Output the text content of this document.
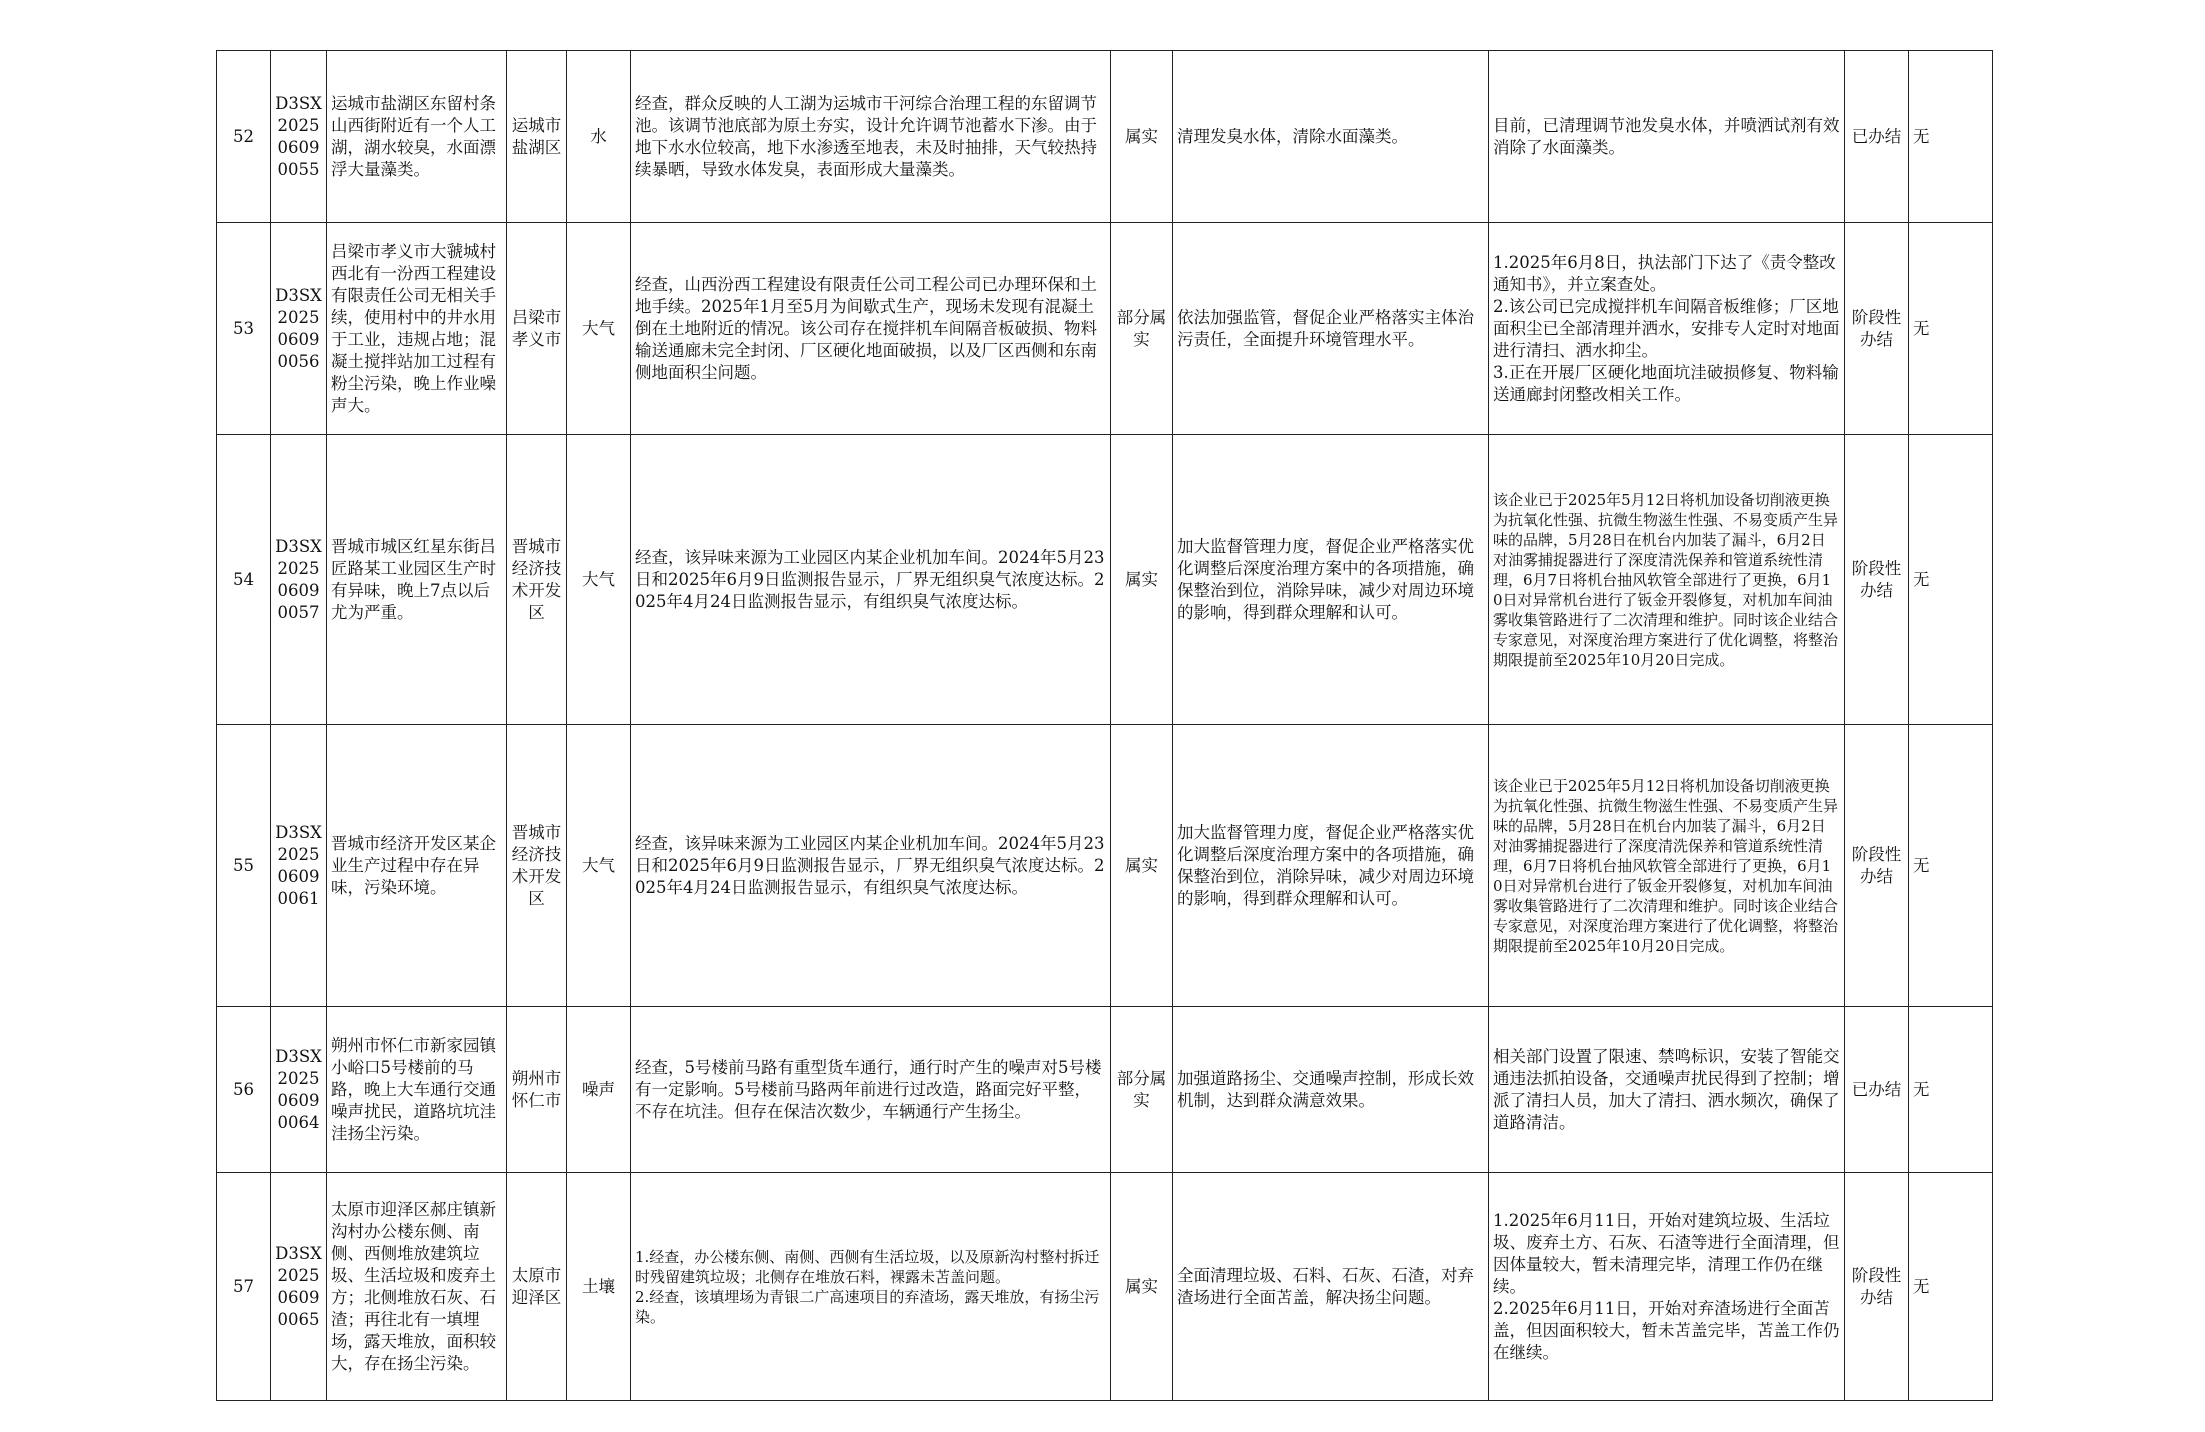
52	D3SX202506090055	运城市盐湖区东留村条山西街附近有一个人工湖，湖水较臭，水面漂浮大量藻类。	运城市盐湖区	水	经查，群众反映的人工湖为运城市干河综合治理工程的东留调节池。该调节池底部为原土夯实，设计允许调节池蓄水下渗。由于地下水水位较高，地下水渗透至地表，未及时抽排，天气较热持续暴晒，导致水体发臭，表面形成大量藻类。	属实	清理发臭水体，清除水面藻类。	目前，已清理调节池发臭水体，并喷洒试剂有效消除了水面藻类。	已办结	无
53	D3SX202506090056	吕梁市孝义市大虢城村西北有一汾西工程建设有限责任公司无相关手续，使用村中的井水用于工业，违规占地；混凝土搅拌站加工过程有粉尘污染，晚上作业噪声大。	吕梁市孝义市	大气	经查，山西汾西工程建设有限责任公司工程公司已办理环保和土地手续。2025年1月至5月为间歇式生产，现场未发现有混凝土倒在土地附近的情况。该公司存在搅拌机车间隔音板破损、物料输送通廊未完全封闭、厂区硬化地面破损，以及厂区西侧和东南侧地面积尘问题。	部分属实	依法加强监管，督促企业严格落实主体治污责任，全面提升环境管理水平。	1.2025年6月8日，执法部门下达了《责令整改通知书》，并立案查处。
2.该公司已完成搅拌机车间隔音板维修；厂区地面积尘已全部清理并洒水，安排专人定时对地面进行清扫、洒水抑尘。
3.正在开展厂区硬化地面坑洼破损修复、物料输送通廊封闭整改相关工作。	阶段性办结	无
54	D3SX202506090057	晋城市城区红星东街吕匠路某工业园区生产时有异味，晚上7点以后尤为严重。	晋城市经济技术开发区	大气	经查，该异味来源为工业园区内某企业机加车间。2024年5月23日和2025年6月9日监测报告显示，厂界无组织臭气浓度达标。2025年4月24日监测报告显示，有组织臭气浓度达标。	属实	加大监督管理力度，督促企业严格落实优化调整后深度治理方案中的各项措施，确保整治到位，消除异味，减少对周边环境的影响，得到群众理解和认可。	该企业已于2025年5月12日将机加设备切削液更换为抗氧化性强、抗微生物滋生性强、不易变质产生异味的品牌，5月28日在机台内加装了漏斗，6月2日对油雾捕捉器进行了深度清洗保养和管道系统性清理，6月7日将机台抽风软管全部进行了更换，6月10日对异常机台进行了钣金开裂修复，对机加车间油雾收集管路进行了二次清理和维护。同时该企业结合专家意见，对深度治理方案进行了优化调整，将整治期限提前至2025年10月20日完成。	阶段性办结	无
55	D3SX202506090061	晋城市经济开发区某企业生产过程中存在异味，污染环境。	晋城市经济技术开发区	大气	经查，该异味来源为工业园区内某企业机加车间。2024年5月23日和2025年6月9日监测报告显示，厂界无组织臭气浓度达标。2025年4月24日监测报告显示，有组织臭气浓度达标。	属实	加大监督管理力度，督促企业严格落实优化调整后深度治理方案中的各项措施，确保整治到位，消除异味，减少对周边环境的影响，得到群众理解和认可。	该企业已于2025年5月12日将机加设备切削液更换为抗氧化性强、抗微生物滋生性强、不易变质产生异味的品牌，5月28日在机台内加装了漏斗，6月2日对油雾捕捉器进行了深度清洗保养和管道系统性清理，6月7日将机台抽风软管全部进行了更换，6月10日对异常机台进行了钣金开裂修复，对机加车间油雾收集管路进行了二次清理和维护。同时该企业结合专家意见，对深度治理方案进行了优化调整，将整治期限提前至2025年10月20日完成。	阶段性办结	无
56	D3SX202506090064	朔州市怀仁市新家园镇小峪口5号楼前的马路，晚上大车通行交通噪声扰民，道路坑坑洼洼扬尘污染。	朔州市怀仁市	噪声	经查，5号楼前马路有重型货车通行，通行时产生的噪声对5号楼有一定影响。5号楼前马路两年前进行过改造，路面完好平整，不存在坑洼。但存在保洁次数少，车辆通行产生扬尘。	部分属实	加强道路扬尘、交通噪声控制，形成长效机制，达到群众满意效果。	相关部门设置了限速、禁鸣标识，安装了智能交通违法抓拍设备，交通噪声扰民得到了控制；增派了清扫人员，加大了清扫、洒水频次，确保了道路清洁。	已办结	无
57	D3SX202506090065	太原市迎泽区郝庄镇新沟村办公楼东侧、南侧、西侧堆放建筑垃圾、生活垃圾和废弃土方；北侧堆放石灰、石渣；再往北有一填埋场，露天堆放，面积较大，存在扬尘污染。	太原市迎泽区	土壤	1.经查，办公楼东侧、南侧、西侧有生活垃圾，以及原新沟村整村拆迁时残留建筑垃圾；北侧存在堆放石料，裸露未苫盖问题。
2.经查，该填埋场为青银二广高速项目的弃渣场，露天堆放，有扬尘污染。	属实	全面清理垃圾、石料、石灰、石渣，对弃渣场进行全面苫盖，解决扬尘问题。	1.2025年6月11日，开始对建筑垃圾、生活垃圾、废弃土方、石灰、石渣等进行全面清理，但因体量较大，暂未清理完毕，清理工作仍在继续。
2.2025年6月11日，开始对弃渣场进行全面苫盖，但因面积较大，暂未苫盖完毕，苫盖工作仍在继续。	阶段性办结	无
